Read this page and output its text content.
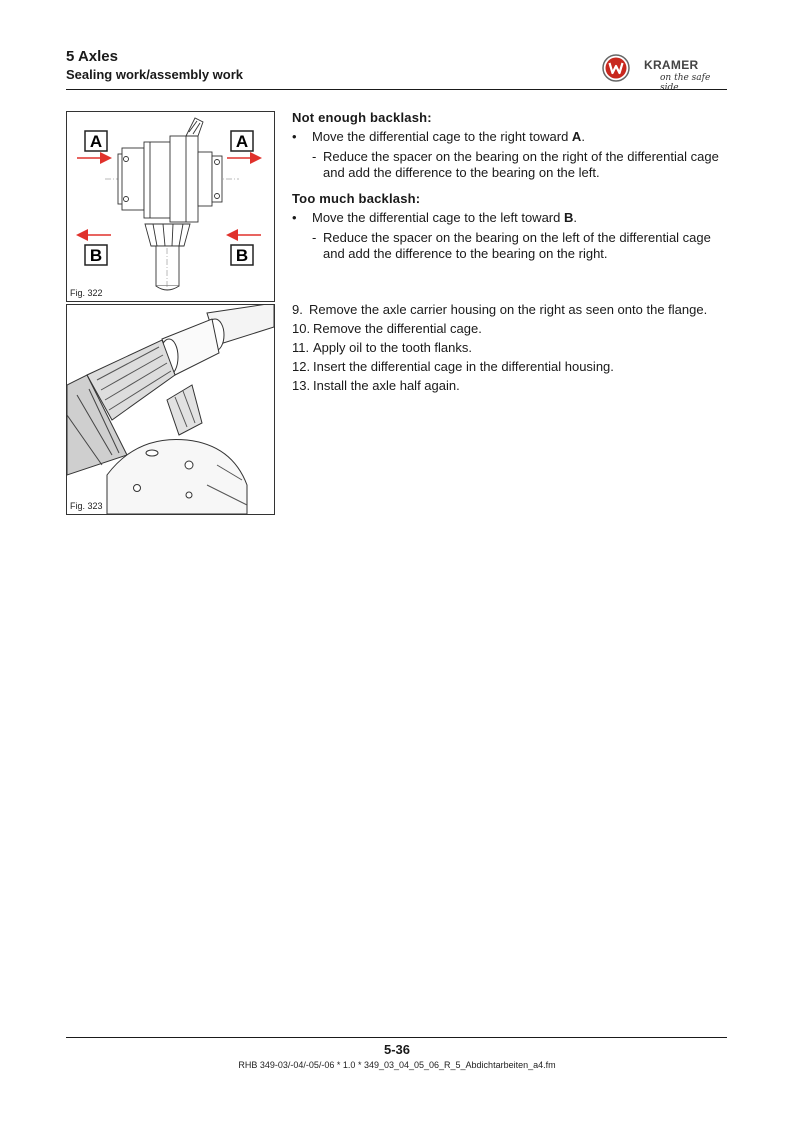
5 Axles
Sealing work/assembly work
KRAMER
on the safe side
A	A
B	B
Fig. 322
Fig. 323
Not enough backlash:
• Move the differential cage to the right toward A.
- Reduce the spacer on the bearing on the right of the differential cage
and add the difference to the bearing on the left.
Too much backlash:
• Move the differential cage to the left toward B.
- Reduce the spacer on the bearing on the left of the differential cage
and add the difference to the bearing on the right.
9. Remove the axle carrier housing on the right as seen onto the flange.
10. Remove the differential cage.
11. Apply oil to the tooth flanks.
12. Insert the differential cage in the differential housing.
13. Install the axle half again.
5-36
RHB 349-03/-04/-05/-06 * 1.0 * 349_03_04_05_06_R_5_Abdichtarbeiten_a4.fm
